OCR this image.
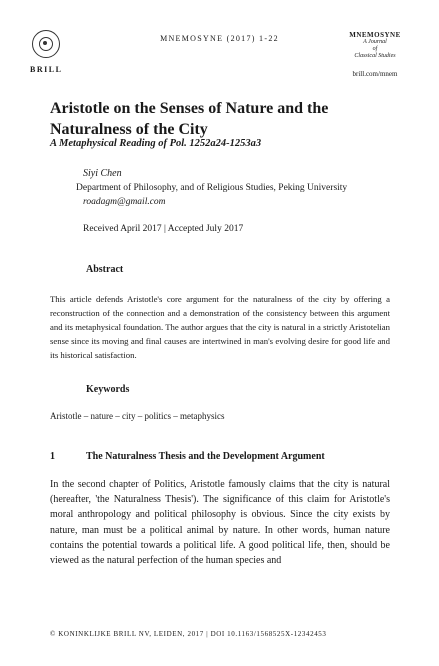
BRILL
MNEMOSYNE (2017) 1-22	MNEMOSYNE
A Journal
of
Classical Studies
brill.com/mnem
Aristotle on the Senses of Nature and the Naturalness of the City
A Metaphysical Reading of Pol. 1252a24-1253a3
Siyi Chen
Department of Philosophy, and of Religious Studies, Peking University
roadagm@gmail.com
Received April 2017 | Accepted July 2017
Abstract
This article defends Aristotle's core argument for the naturalness of the city by offering a reconstruction of the connection and a demonstration of the consistency between this argument and its metaphysical foundation. The author argues that the city is natural in a strictly Aristotelian sense since its moving and final causes are intertwined in man's evolving desire for good life and its historical satisfaction.
Keywords
Aristotle – nature – city – politics – metaphysics
1	The Naturalness Thesis and the Development Argument
In the second chapter of Politics, Aristotle famously claims that the city is natural (hereafter, 'the Naturalness Thesis'). The significance of this claim for Aristotle's moral anthropology and political philosophy is obvious. Since the city exists by nature, man must be a political animal by nature. In other words, human nature contains the potential towards a political life. A good political life, then, should be viewed as the natural perfection of the human species and
© KONINKLIJKE BRILL NV, LEIDEN, 2017 | DOI 10.1163/1568525X-12342453
